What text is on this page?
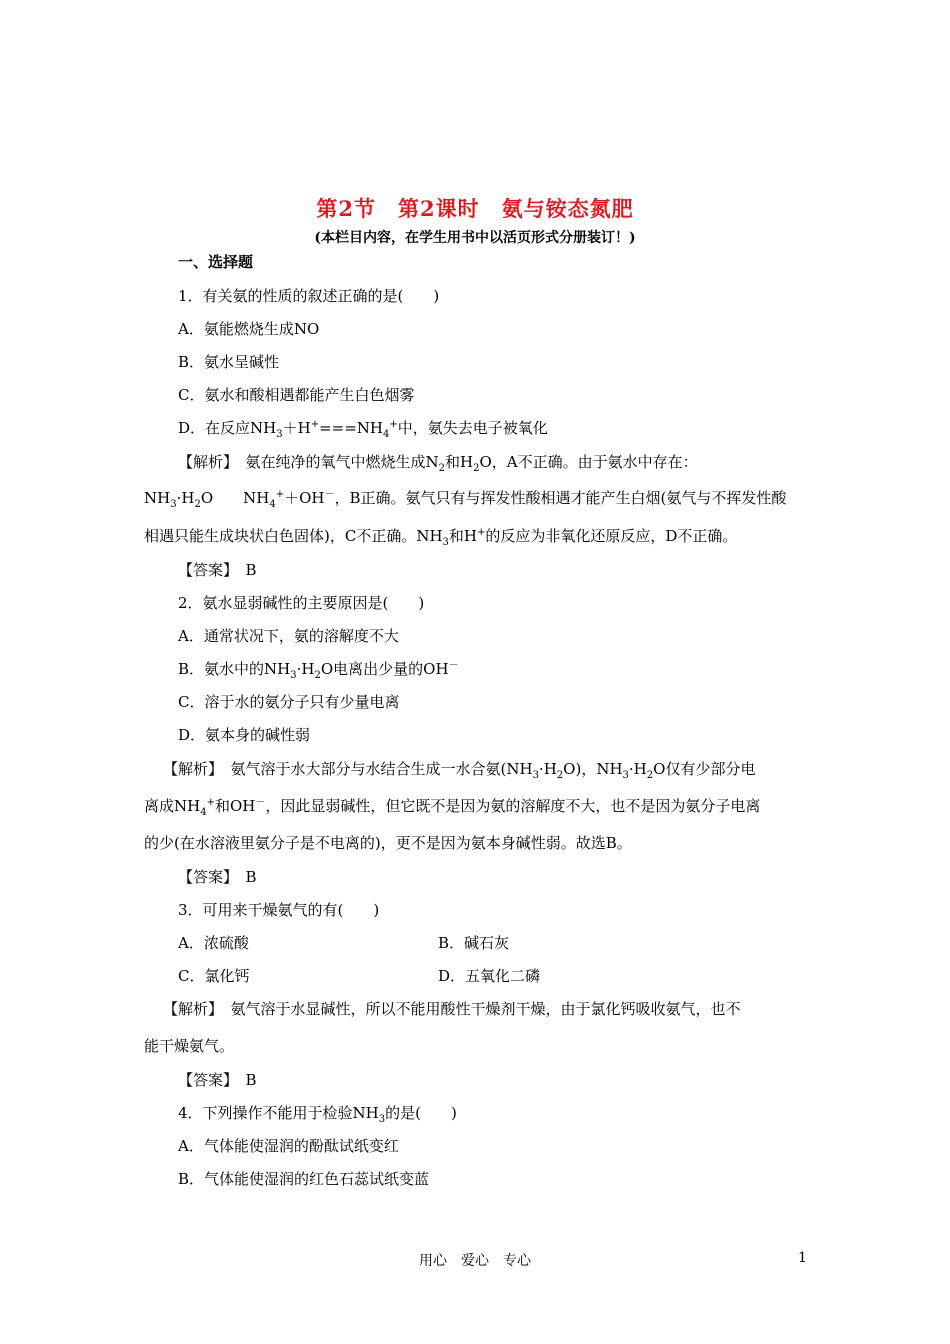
第2节　第2课时　氨与铵态氮肥
(本栏目内容，在学生用书中以活页形式分册装订！)
一、选择题
1．有关氨的性质的叙述正确的是(　　)
A．氨能燃烧生成NO
B．氨水呈碱性
C．氨水和酸相遇都能产生白色烟雾
D．在反应$NH_3+H^+===NH_4^+$中，氨失去电子被氧化
【解析】　氨在纯净的氧气中燃烧生成$N_2$和$H_2O$，A不正确。由于氨水中存在：
$NH_3\cdot H_2O$　　$NH_4^++OH^-$，B正确。氨气只有与挥发性酸相遇才能产生白烟(氨气与不挥发性酸
相遇只能生成块状白色固体)，C不正确。$NH_3$和H+的反应为非氧化还原反应，D不正确。
【答案】　B
2．氨水显弱碱性的主要原因是(　　)
A．通常状况下，氨的溶解度不大
B．氨水中的$NH_3\cdot H_2O$电离出少量的OH－
C．溶于水的氨分子只有少量电离
D．氨本身的碱性弱
【解析】　氨气溶于水大部分与水结合生成一水合氨$(NH_3\cdot H_2O)$，$NH_3\cdot H_2O$仅有少部分电
离成$NH_4^+$和OH－，因此显弱碱性，但它既不是因为氨的溶解度不大，也不是因为氨分子电离
的少(在水溶液里氨分子是不电离的)，更不是因为氨本身碱性弱。故选B。
【答案】　B
3．可用来干燥氨气的有(　　)
A．浓硫酸	B．碱石灰
C．氯化钙	D．五氧化二磷
【解析】　氨气溶于水显碱性，所以不能用酸性干燥剂干燥，由于氯化钙吸收氨气，也不
能干燥氨气。
【答案】　B
4．下列操作不能用于检验$NH_3$的是(　　)
A．气体能使湿润的酚酞试纸变红
B．气体能使湿润的红色石蕊试纸变蓝
用心　爱心　专心	1
